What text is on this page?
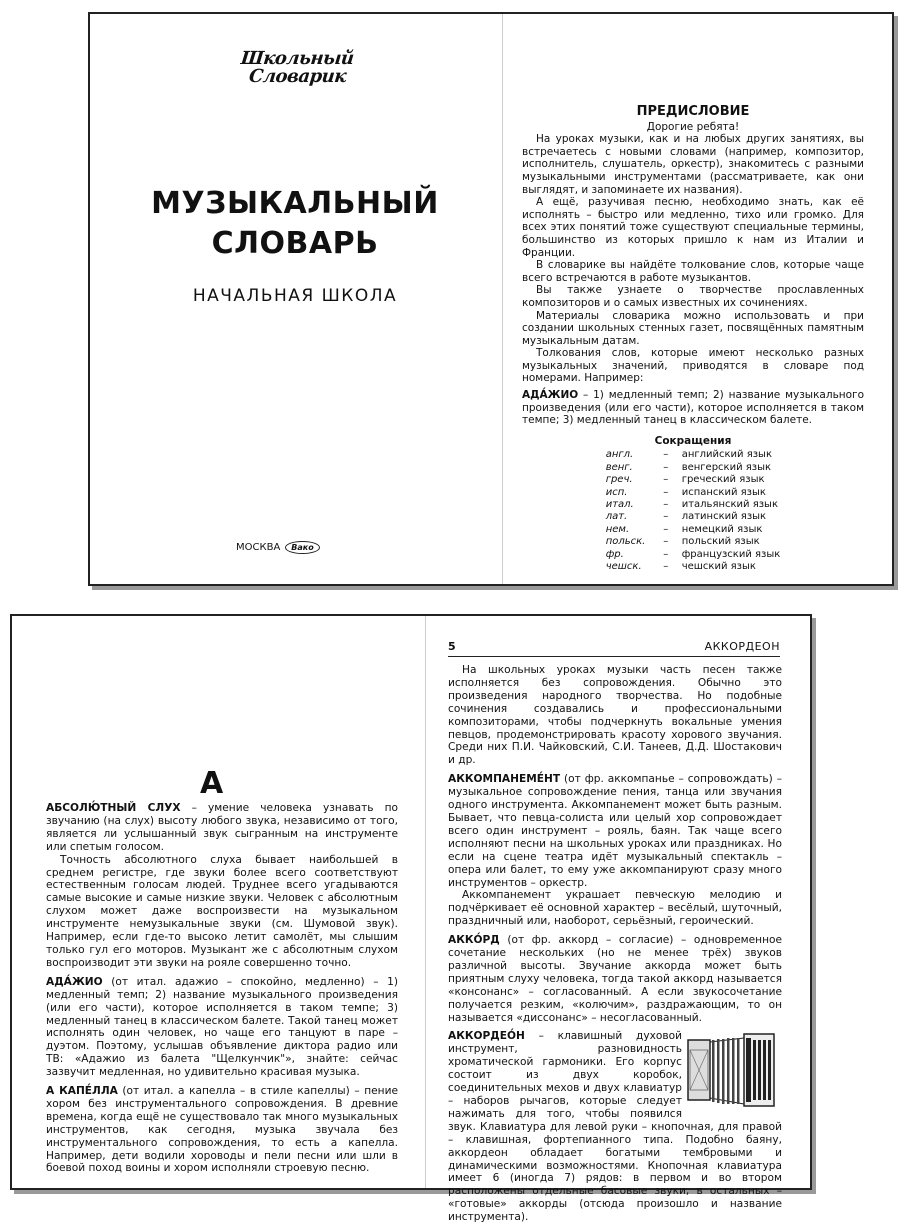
Школьный
Словарик
МУЗЫКАЛЬНЫЙ
СЛОВАРЬ
НАЧАЛЬНАЯ ШКОЛА
МОСКВА	Вако
ПРЕДИСЛОВИЕ

Дорогие ребята!

На уроках музыки, как и на любых других занятиях, вы встречаетесь с новыми словами (например, композитор, исполнитель, слушатель, оркестр), знакомитесь с разными музыкальными инструментами (рассматриваете, как они выглядят, и запоминаете их названия).

А ещё, разучивая песню, необходимо знать, как её исполнять – быстро или медленно, тихо или громко. Для всех этих понятий тоже существуют специальные термины, большинство из которых пришло к нам из Италии и Франции.

В словарике вы найдёте толкование слов, которые чаще всего встречаются в работе музыкантов.

Вы также узнаете о творчестве прославленных композиторов и о самых известных их сочинениях.

Материалы словарика можно использовать и при создании школьных стенных газет, посвящённых памятным музыкальным датам.

Толкования слов, которые имеют несколько разных музыкальных значений, приводятся в словаре под номерами. Например:

АДА́ЖИО – 1) медленный темп; 2) название музыкального произведения (или его части), которое исполняется в таком темпе; 3) медленный танец в классическом балете.

Сокращения
англ.	–	английский язык
венг.	–	венгерский язык
греч.	–	греческий язык
исп.	–	испанский язык
итал.	–	итальянский язык
лат.	–	латинский язык
нем.	–	немецкий язык
польск.	–	польский язык
фр.	–	французский язык
чешск.	–	чешский язык
А

АБСОЛЮ́ТНЫЙ СЛУХ – умение человека узнавать по звучанию (на слух) высоту любого звука, независимо от того, является ли услышанный звук сыгранным на инструменте или спетым голосом.

Точность абсолютного слуха бывает наибольшей в среднем регистре, где звуки более всего соответствуют естественным голосам людей. Труднее всего угадываются самые высокие и самые низкие звуки. Человек с абсолютным слухом может даже воспроизвести на музыкальном инструменте немузыкальные звуки (см. Шумовой звук). Например, если где-то высоко летит самолёт, мы слышим только гул его моторов. Музыкант же с абсолютным слухом воспроизводит эти звуки на рояле совершенно точно.

АДА́ЖИО (от итал. адажио – спокойно, медленно) – 1) медленный темп; 2) название музыкального произведения (или его части), которое исполняется в таком темпе; 3) медленный танец в классическом балете. Такой танец может исполнять один человек, но чаще его танцуют в паре – дуэтом. Поэтому, услышав объявление диктора радио или ТВ: «Адажио из балета "Щелкунчик"», знайте: сейчас зазвучит медленная, но удивительно красивая музыка.

А КАПЕ́ЛЛА (от итал. а капелла – в стиле капеллы) – пение хором без инструментального сопровождения. В древние времена, когда ещё не существовало так много музыкальных инструментов, как сегодня, музыка звучала без инструментального сопровождения, то есть а капелла. Например, дети водили хороводы и пели песни или шли в боевой поход воины и хором исполняли строевую песню.

5	АККОРДЕОН

На школьных уроках музыки часть песен также исполняется без сопровождения. Обычно это произведения народного творчества. Но подобные сочинения создавались и профессиональными композиторами, чтобы подчеркнуть вокальные умения певцов, продемонстрировать красоту хорового звучания. Среди них П.И. Чайковский, С.И. Танеев, Д.Д. Шостакович и др.

АККОМПАНЕМЕ́НТ (от фр. аккомпанье – сопровождать) – музыкальное сопровождение пения, танца или звучания одного инструмента. Аккомпанемент может быть разным. Бывает, что певца-солиста или целый хор сопровождает всего один инструмент – рояль, баян. Так чаще всего исполняют песни на школьных уроках или праздниках. Но если на сцене театра идёт музыкальный спектакль – опера или балет, то ему уже аккомпанируют сразу много инструментов – оркестр.

Аккомпанемент украшает певческую мелодию и подчёркивает её основной характер – весёлый, шуточный, праздничный или, наоборот, серьёзный, героический.

АККО́РД (от фр. аккорд – согласие) – одновременное сочетание нескольких (но не менее трёх) звуков различной высоты. Звучание аккорда может быть приятным слуху человека, тогда такой аккорд называется «консонанс» – согласованный. А если звукосочетание получается резким, «колючим», раздражающим, то он называется «диссонанс» – несогласованный.

АККОРДЕО́Н – клавишный духовой инструмент, разновидность хроматической гармоники. Его корпус состоит из двух коробок, соединительных мехов и двух клавиатур – наборов рычагов, которые следует нажимать для того, чтобы появился звук. Клавиатура для левой руки – кнопочная, для правой – клавишная, фортепианного типа. Подобно баяну, аккордеон обладает богатыми тембровыми и динамическими возможностями. Кнопочная клавиатура имеет 6 (иногда 7) рядов: в первом и во втором расположены отдельные басовые звуки, в остальных – «готовые» аккорды (отсюда произошло и название инструмента).
